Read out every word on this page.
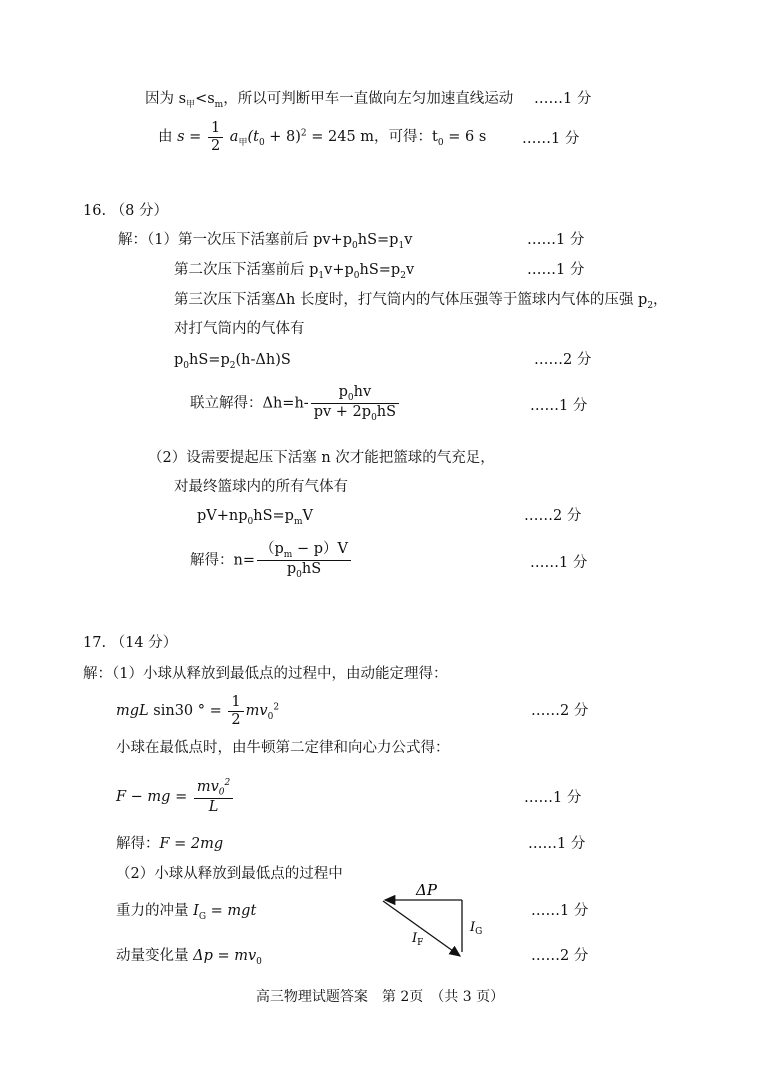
因为 $s_甲<s_m$，所以可判断甲车一直做向左匀加速直线运动 ……1 分
由 $s = \frac{1}{2} a_甲(t_0 + 8)^2 = 245$ m，可得：$t_0 = 6$ s ……1 分
16. （8 分）
解：（1）第一次压下活塞前后 $pv+p_0hS=p_1v$	……1 分
第二次压下活塞前后 $p_1v+p_0hS=p_2v$	……1 分
第三次压下活塞Δh 长度时，打气筒内的气体压强等于篮球内气体的压强 $p_2$，
对打气筒内的气体有
$p_0hS=p_2(h-\Delta h)S$	……2 分
联立解得：$\Delta h=h- \frac{p_0hv}{pv + 2p_0hS}$	……1 分
（2）设需要提起压下活塞 n 次才能把篮球的气充足，
对最终篮球内的所有气体有
$pV+np_0hS=p_mV$	……2 分
解得：$n= \frac{(p_m - p)V}{p_0hS}$	……1 分
17. （14 分）
解：（1）小球从释放到最低点的过程中，由动能定理得：
mgL sin30 ° = $\frac{1}{2} mv_0^2$	……2 分
小球在最低点时，由牛顿第二定律和向心力公式得：
F − mg = $\frac{mv_0^2}{L}$	……1 分
解得：F = 2mg	……1 分
（2）小球从释放到最低点的过程中
重力的冲量 $I_G$ = mgt	……1 分
动量变化量 $\Delta p = mv_0$	……2 分
ΔP
$I_G$
$I_F$
高三物理试题答案　第 2页　（共 3 页）
